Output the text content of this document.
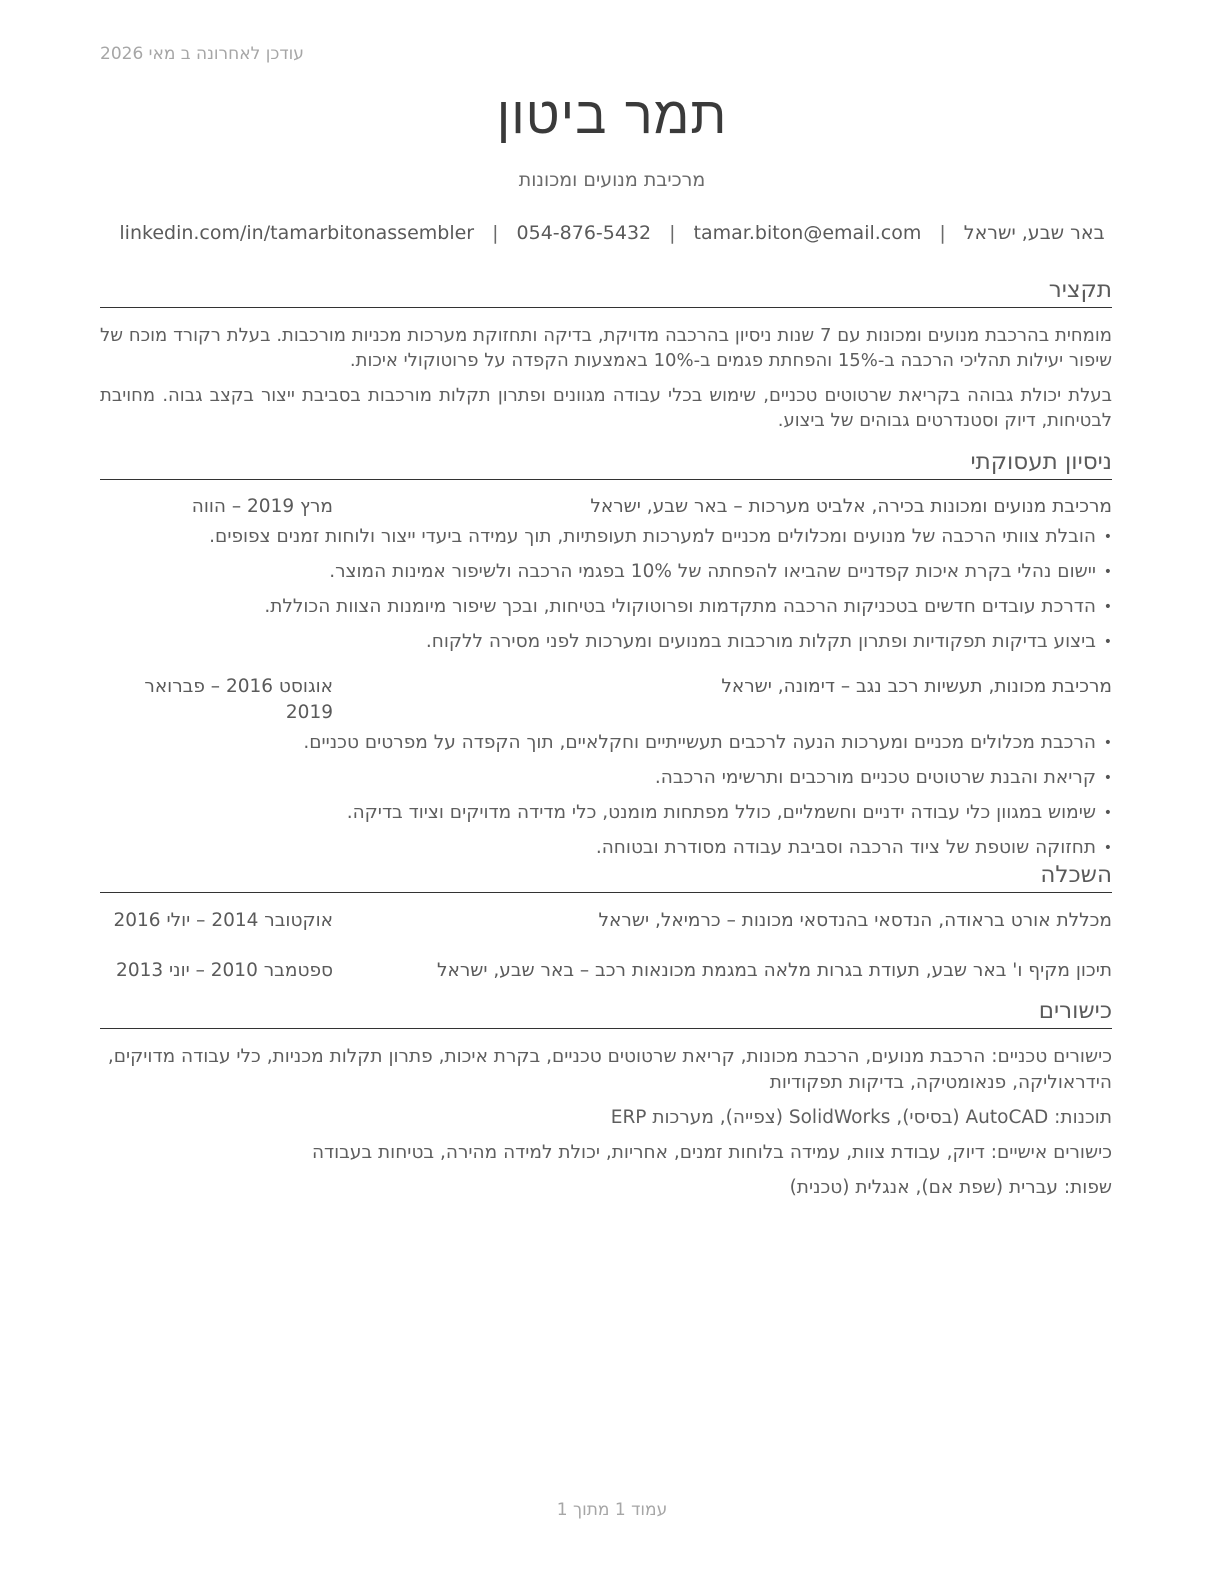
עודכן לאחרונה ב מאי 2026
תמר ביטון
מרכיבת מנועים ומכונות
באר שבע, ישראל|tamar.biton@email.com|054-876-5432|linkedin.com/in/tamarbitonassembler
תקציר

מומחית בהרכבת מנועים ומכונות עם 7 שנות ניסיון בהרכבה מדויקת, בדיקה ותחזוקת מערכות מכניות מורכבות. בעלת רקורד מוכח של שיפור יעילות תהליכי הרכבה ב-15% והפחתת פגמים ב-10% באמצעות הקפדה על פרוטוקולי איכות.

בעלת יכולת גבוהה בקריאת שרטוטים טכניים, שימוש בכלי עבודה מגוונים ופתרון תקלות מורכבות בסביבת ייצור בקצב גבוה. מחויבת לבטיחות, דיוק וסטנדרטים גבוהים של ביצוע.

ניסיון תעסוקתי
מרכיבת מנועים ומכונות בכירה, אלביט מערכות – באר שבע, ישראל
מרץ 2019 – הווה
• הובלת צוותי הרכבה של מנועים ומכלולים מכניים למערכות תעופתיות, תוך עמידה ביעדי ייצור ולוחות זמנים צפופים.
• יישום נהלי בקרת איכות קפדניים שהביאו להפחתה של 10% בפגמי הרכבה ולשיפור אמינות המוצר.
• הדרכת עובדים חדשים בטכניקות הרכבה מתקדמות ופרוטוקולי בטיחות, ובכך שיפור מיומנות הצוות הכוללת.
• ביצוע בדיקות תפקודיות ופתרון תקלות מורכבות במנועים ומערכות לפני מסירה ללקוח.
מרכיבת מכונות, תעשיות רכב נגב – דימונה, ישראל
אוגוסט 2016 – פברואר 2019
• הרכבת מכלולים מכניים ומערכות הנעה לרכבים תעשייתיים וחקלאיים, תוך הקפדה על מפרטים טכניים.
• קריאת והבנת שרטוטים טכניים מורכבים ותרשימי הרכבה.
• שימוש במגוון כלי עבודה ידניים וחשמליים, כולל מפתחות מומנט, כלי מדידה מדויקים וציוד בדיקה.
• תחזוקה שוטפת של ציוד הרכבה וסביבת עבודה מסודרת ובטוחה.
השכלה
מכללת אורט בראודה, הנדסאי בהנדסאי מכונות – כרמיאל, ישראל
אוקטובר 2014 – יולי 2016
תיכון מקיף ו' באר שבע, תעודת בגרות מלאה במגמת מכונאות רכב – באר שבע, ישראל
ספטמבר 2010 – יוני 2013
כישורים

כישורים טכניים: הרכבת מנועים, הרכבת מכונות, קריאת שרטוטים טכניים, בקרת איכות, פתרון תקלות מכניות, כלי עבודה מדויקים, הידראוליקה, פנאומטיקה, בדיקות תפקודיות

תוכנות: AutoCAD (בסיסי), SolidWorks (צפייה), מערכות ERP

כישורים אישיים: דיוק, עבודת צוות, עמידה בלוחות זמנים, אחריות, יכולת למידה מהירה, בטיחות בעבודה

שפות: עברית (שפת אם), אנגלית (טכנית)

עמוד 1 מתוך 1
